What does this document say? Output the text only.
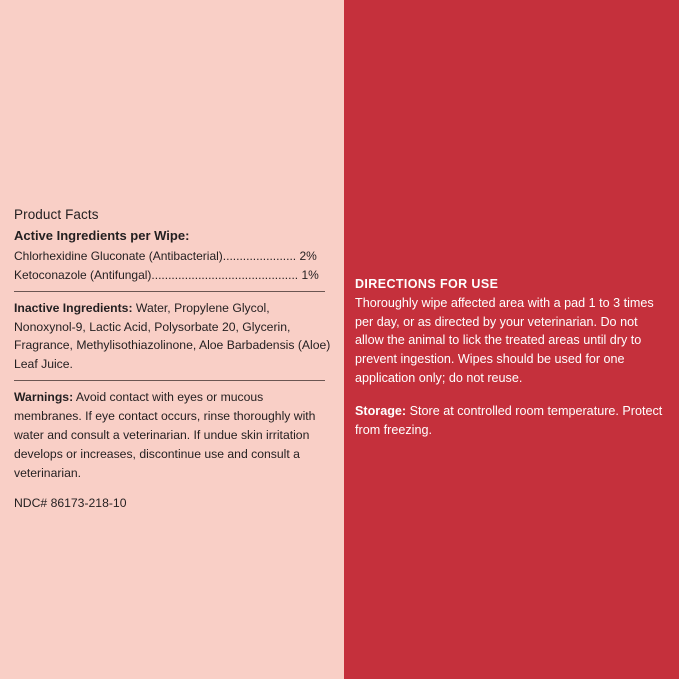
Product Facts
Active Ingredients per Wipe:
Chlorhexidine Gluconate (Antibacterial)...................... 2%
Ketoconazole (Antifungal)............................................ 1%
Inactive Ingredients: Water, Propylene Glycol, Nonoxynol-9, Lactic Acid, Polysorbate 20, Glycerin, Fragrance, Methylisothiazolinone, Aloe Barbadensis (Aloe) Leaf Juice.
Warnings: Avoid contact with eyes or mucous membranes. If eye contact occurs, rinse thoroughly with water and consult a veterinarian. If undue skin irritation develops or increases, discontinue use and consult a veterinarian.
NDC# 86173-218-10
DIRECTIONS FOR USE
Thoroughly wipe affected area with a pad 1 to 3 times per day, or as directed by your veterinarian. Do not allow the animal to lick the treated areas until dry to prevent ingestion. Wipes should be used for one application only; do not reuse.
Storage: Store at controlled room temperature. Protect from freezing.
